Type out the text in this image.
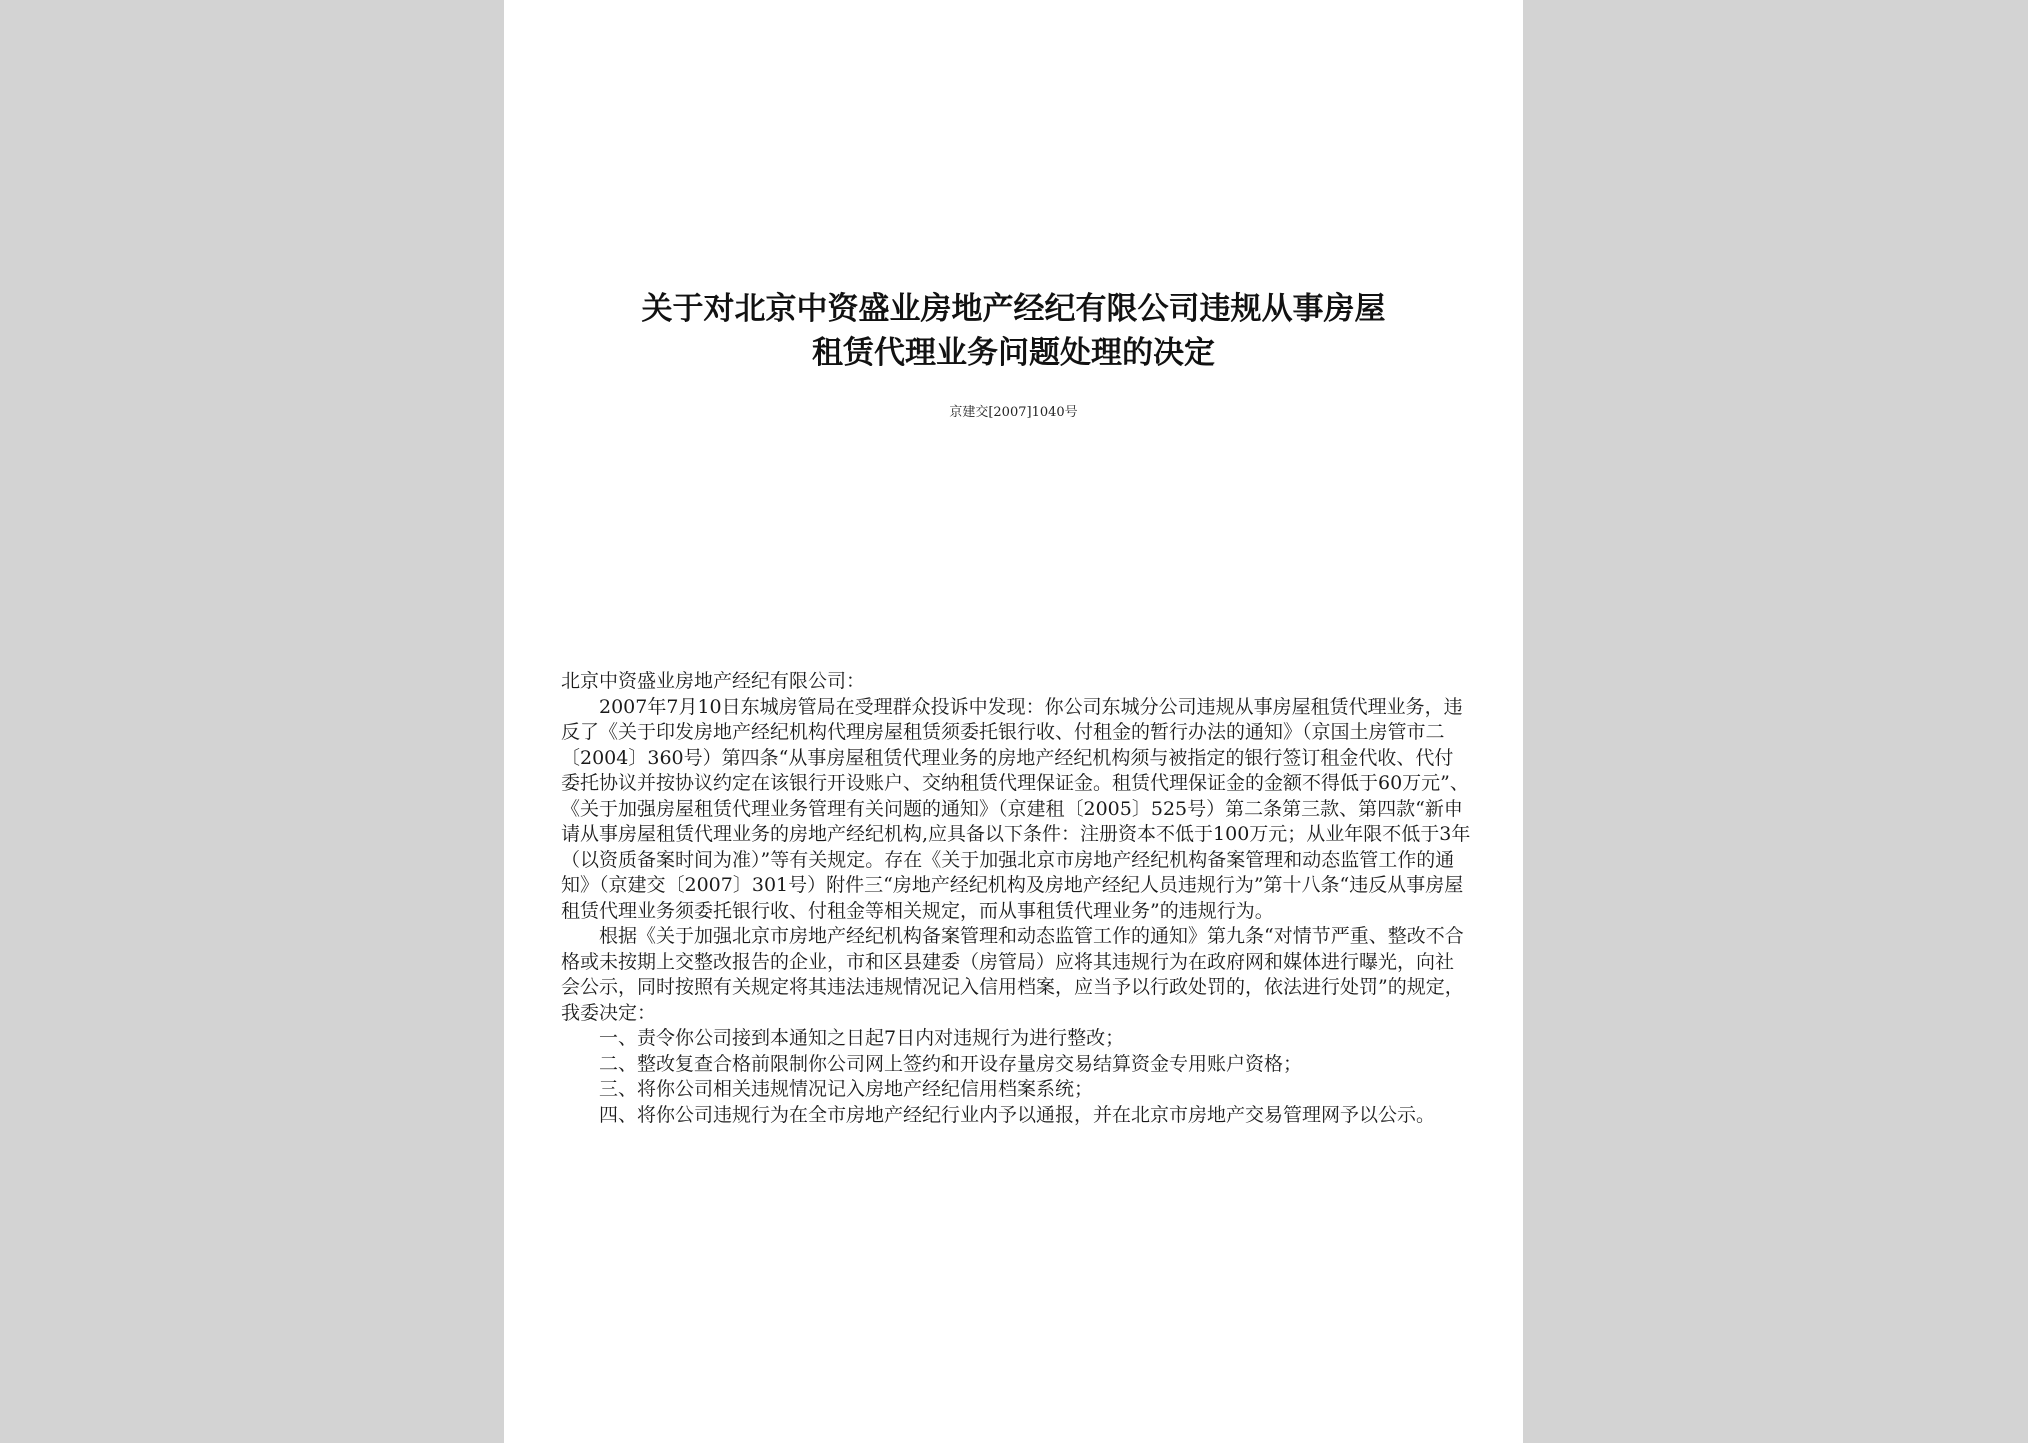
关于对北京中资盛业房地产经纪有限公司违规从事房屋
租赁代理业务问题处理的决定
京建交[2007]1040号

北京中资盛业房地产经纪有限公司：

2007年7月10日东城房管局在受理群众投诉中发现：你公司东城分公司违规从事房屋租赁代理业务，违反了《关于印发房地产经纪机构代理房屋租赁须委托银行收、付租金的暂行办法的通知》（京国土房管市二〔2004〕360号）第四条“从事房屋租赁代理业务的房地产经纪机构须与被指定的银行签订租金代收、代付委托协议并按协议约定在该银行开设账户、交纳租赁代理保证金。租赁代理保证金的金额不得低于60万元”、《关于加强房屋租赁代理业务管理有关问题的通知》（京建租〔2005〕525号）第二条第三款、第四款“新申请从事房屋租赁代理业务的房地产经纪机构,应具备以下条件：注册资本不低于100万元；从业年限不低于3年（以资质备案时间为准）”等有关规定。存在《关于加强北京市房地产经纪机构备案管理和动态监管工作的通知》（京建交〔2007〕301号）附件三“房地产经纪机构及房地产经纪人员违规行为”第十八条“违反从事房屋租赁代理业务须委托银行收、付租金等相关规定，而从事租赁代理业务”的违规行为。

根据《关于加强北京市房地产经纪机构备案管理和动态监管工作的通知》第九条“对情节严重、整改不合格或未按期上交整改报告的企业，市和区县建委（房管局）应将其违规行为在政府网和媒体进行曝光，向社会公示，同时按照有关规定将其违法违规情况记入信用档案，应当予以行政处罚的，依法进行处罚”的规定，我委决定：

一、责令你公司接到本通知之日起7日内对违规行为进行整改；

二、整改复查合格前限制你公司网上签约和开设存量房交易结算资金专用账户资格；

三、将你公司相关违规情况记入房地产经纪信用档案系统；

四、将你公司违规行为在全市房地产经纪行业内予以通报，并在北京市房地产交易管理网予以公示。
